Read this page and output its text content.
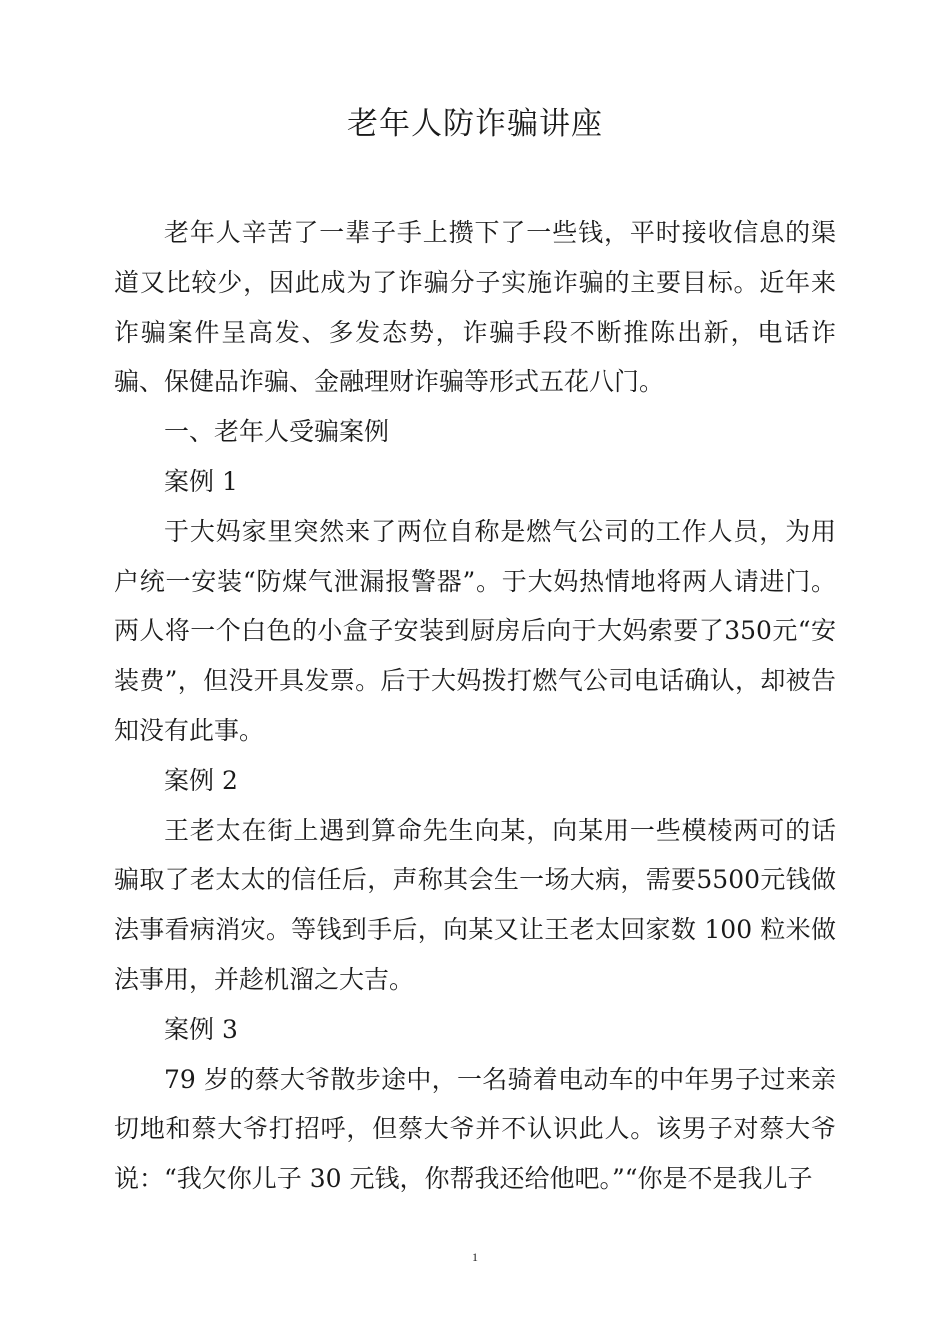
老年人防诈骗讲座

老年人辛苦了一辈子手上攒下了一些钱，平时接收信息的渠道又比较少，因此成为了诈骗分子实施诈骗的主要目标。近年来诈骗案件呈高发、多发态势，诈骗手段不断推陈出新，电话诈骗、保健品诈骗、金融理财诈骗等形式五花八门。

一、老年人受骗案例

案例 1

于大妈家里突然来了两位自称是燃气公司的工作人员，为用户统一安装“防煤气泄漏报警器”。于大妈热情地将两人请进门。两人将一个白色的小盒子安装到厨房后向于大妈索要了350元“安装费”，但没开具发票。后于大妈拨打燃气公司电话确认，却被告知没有此事。

案例 2

王老太在街上遇到算命先生向某，向某用一些模棱两可的话骗取了老太太的信任后，声称其会生一场大病，需要5500元钱做法事看病消灾。等钱到手后，向某又让王老太回家数 100 粒米做法事用，并趁机溜之大吉。

案例 3

79 岁的蔡大爷散步途中，一名骑着电动车的中年男子过来亲切地和蔡大爷打招呼，但蔡大爷并不认识此人。该男子对蔡大爷说：“我欠你儿子 30 元钱，你帮我还给他吧。”“你是不是我儿子

1
